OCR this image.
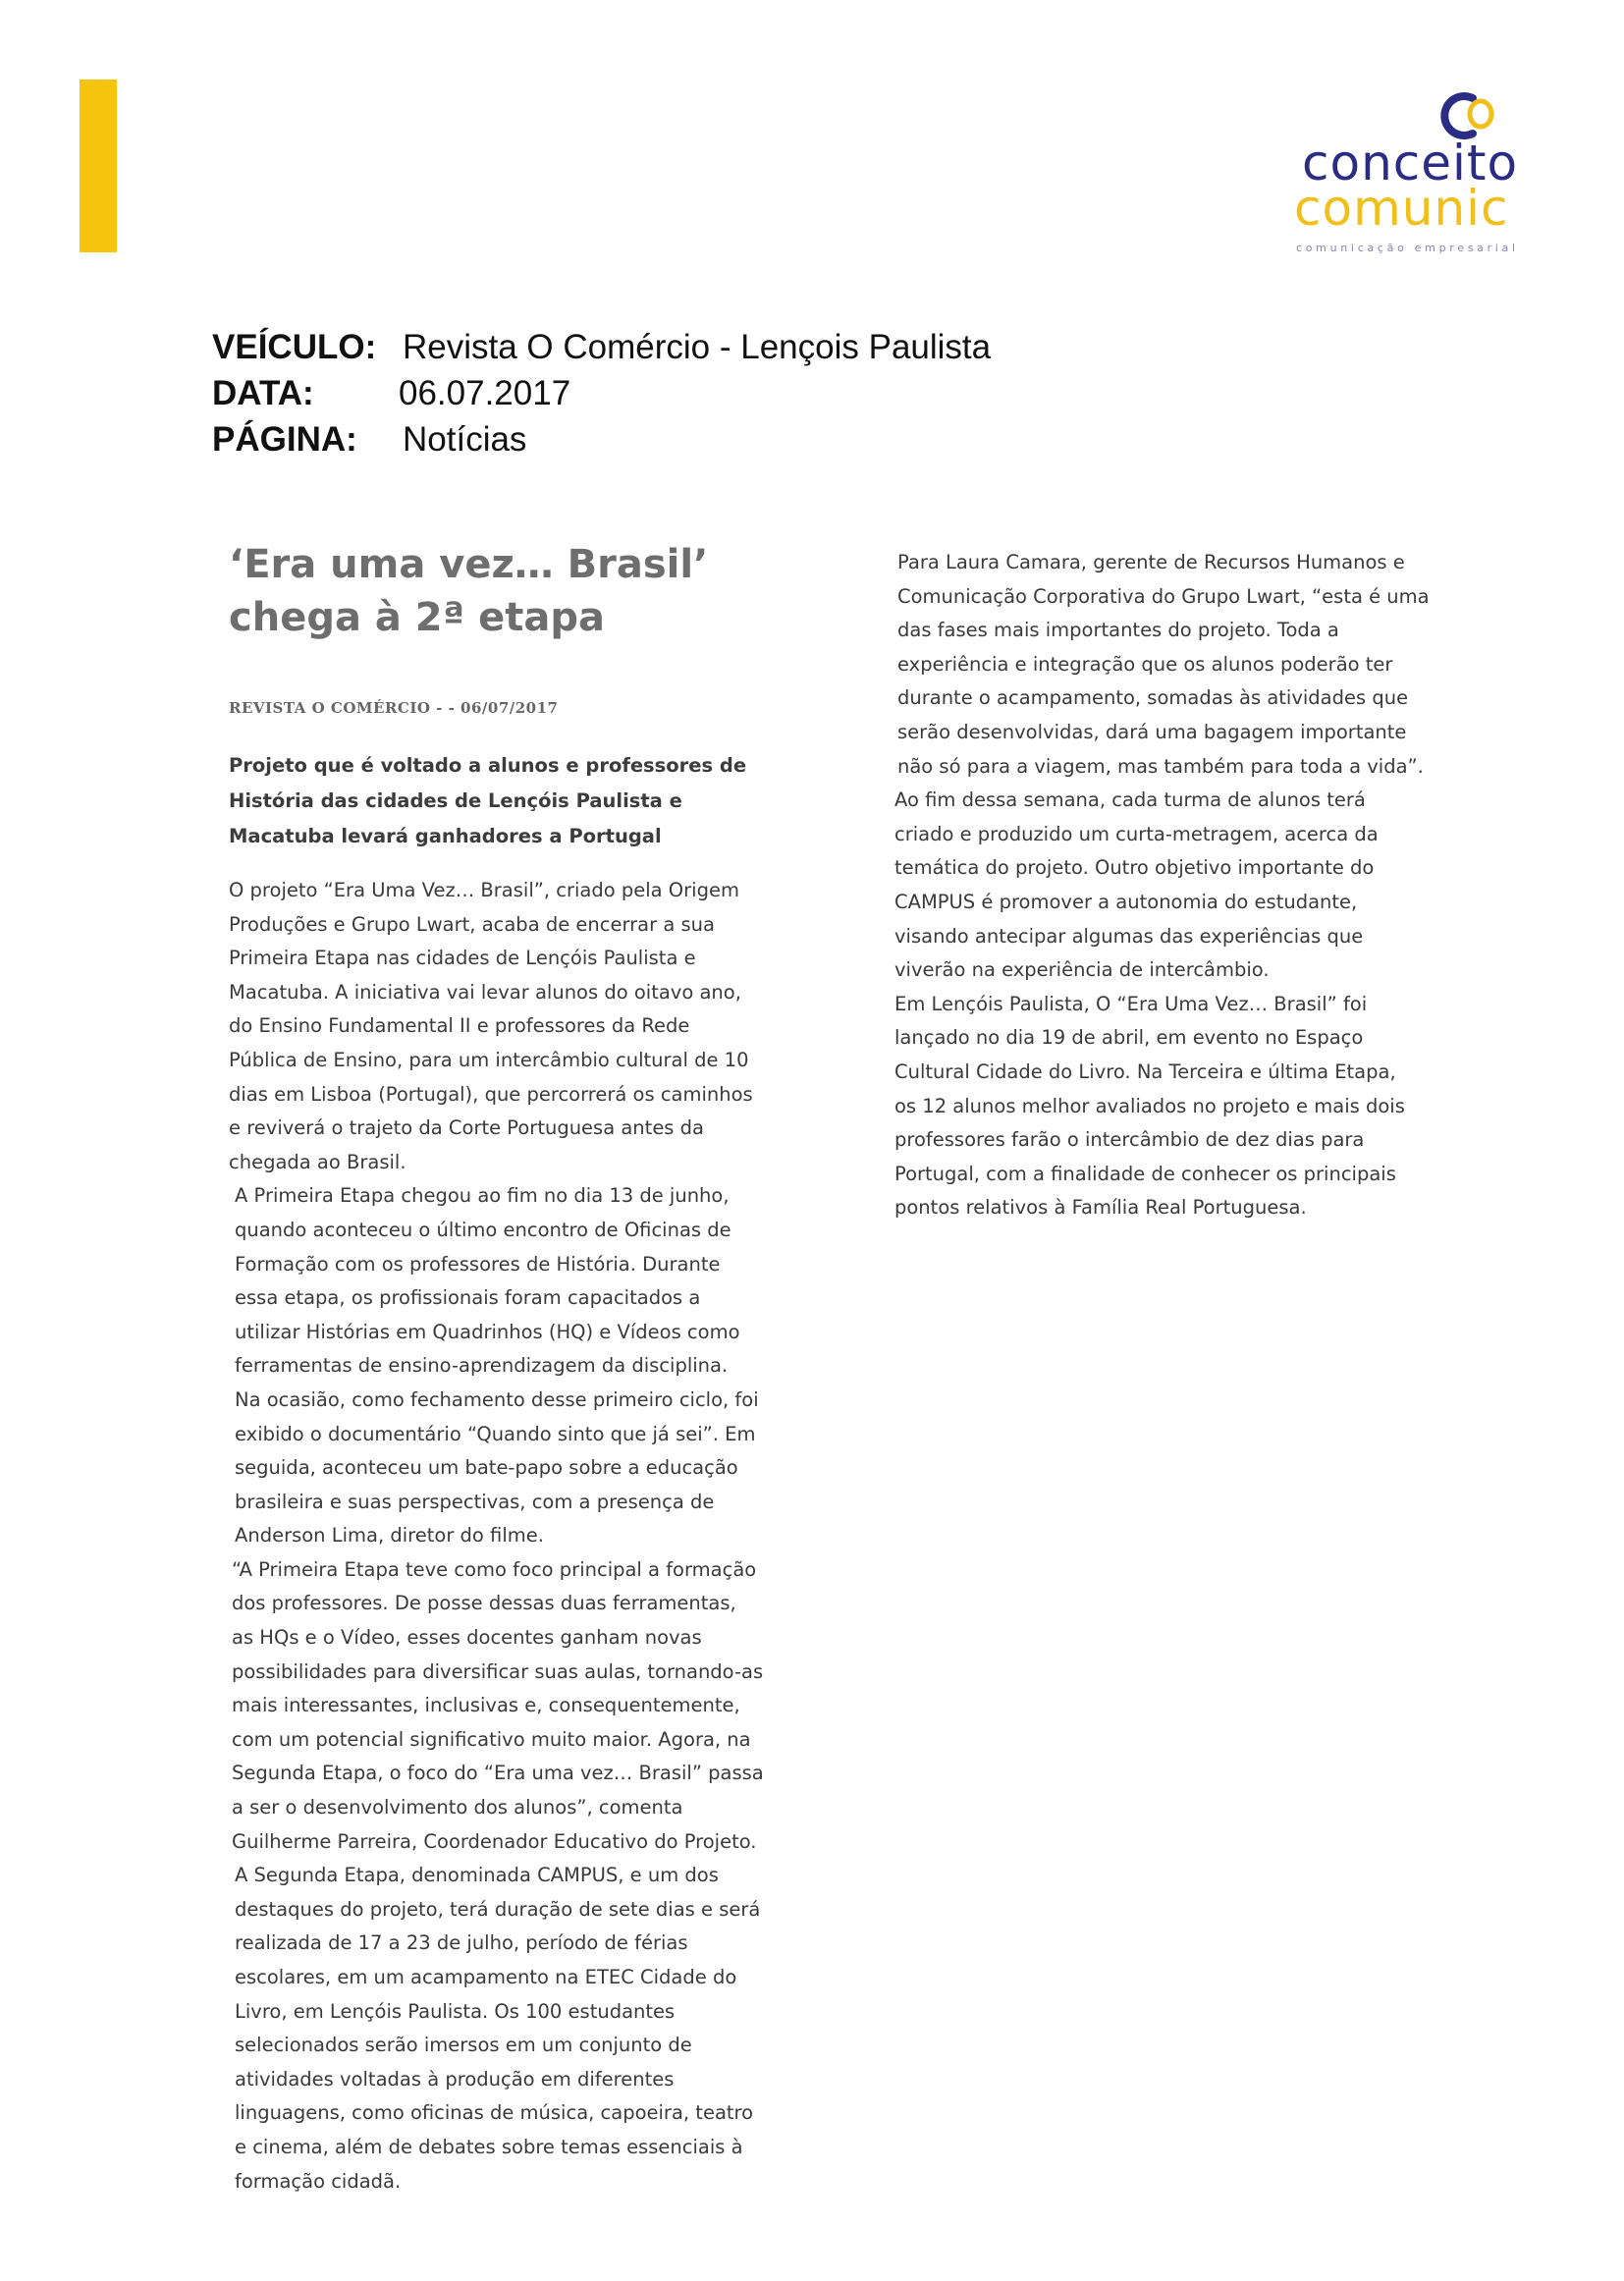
conceito
comunic
comunicação empresarial
VEÍCULO: Revista O Comércio - Lençois Paulista
DATA: 06.07.2017
PÁGINA: Notícias
‘Era uma vez… Brasil’
chega à 2ª etapa
REVISTA O COMÉRCIO - - 06/07/2017
Projeto que é voltado a alunos e professores de
História das cidades de Lençóis Paulista e
Macatuba levará ganhadores a Portugal

O projeto “Era Uma Vez… Brasil”, criado pela Origem

Produções e Grupo Lwart, acaba de encerrar a sua

Primeira Etapa nas cidades de Lençóis Paulista e

Macatuba. A iniciativa vai levar alunos do oitavo ano,

do Ensino Fundamental II e professores da Rede

Pública de Ensino, para um intercâmbio cultural de 10

dias em Lisboa (Portugal), que percorrerá os caminhos

e reviverá o trajeto da Corte Portuguesa antes da

chegada ao Brasil.

A Primeira Etapa chegou ao fim no dia 13 de junho,

quando aconteceu o último encontro de Oficinas de

Formação com os professores de História. Durante

essa etapa, os profissionais foram capacitados a

utilizar Histórias em Quadrinhos (HQ) e Vídeos como

ferramentas de ensino-aprendizagem da disciplina.

Na ocasião, como fechamento desse primeiro ciclo, foi

exibido o documentário “Quando sinto que já sei”. Em

seguida, aconteceu um bate-papo sobre a educação

brasileira e suas perspectivas, com a presença de

Anderson Lima, diretor do filme.

“A Primeira Etapa teve como foco principal a formação

dos professores. De posse dessas duas ferramentas,

as HQs e o Vídeo, esses docentes ganham novas

possibilidades para diversificar suas aulas, tornando-as

mais interessantes, inclusivas e, consequentemente,

com um potencial significativo muito maior. Agora, na

Segunda Etapa, o foco do “Era uma vez… Brasil” passa

a ser o desenvolvimento dos alunos”, comenta

Guilherme Parreira, Coordenador Educativo do Projeto.

A Segunda Etapa, denominada CAMPUS, e um dos

destaques do projeto, terá duração de sete dias e será

realizada de 17 a 23 de julho, período de férias

escolares, em um acampamento na ETEC Cidade do

Livro, em Lençóis Paulista. Os 100 estudantes

selecionados serão imersos em um conjunto de

atividades voltadas à produção em diferentes

linguagens, como oficinas de música, capoeira, teatro

e cinema, além de debates sobre temas essenciais à

formação cidadã.

Para Laura Camara, gerente de Recursos Humanos e

Comunicação Corporativa do Grupo Lwart, “esta é uma

das fases mais importantes do projeto. Toda a

experiência e integração que os alunos poderão ter

durante o acampamento, somadas às atividades que

serão desenvolvidas, dará uma bagagem importante

não só para a viagem, mas também para toda a vida”.

Ao fim dessa semana, cada turma de alunos terá

criado e produzido um curta-metragem, acerca da

temática do projeto. Outro objetivo importante do

CAMPUS é promover a autonomia do estudante,

visando antecipar algumas das experiências que

viverão na experiência de intercâmbio.

Em Lençóis Paulista, O “Era Uma Vez… Brasil” foi

lançado no dia 19 de abril, em evento no Espaço

Cultural Cidade do Livro. Na Terceira e última Etapa,

os 12 alunos melhor avaliados no projeto e mais dois

professores farão o intercâmbio de dez dias para

Portugal, com a finalidade de conhecer os principais

pontos relativos à Família Real Portuguesa.
